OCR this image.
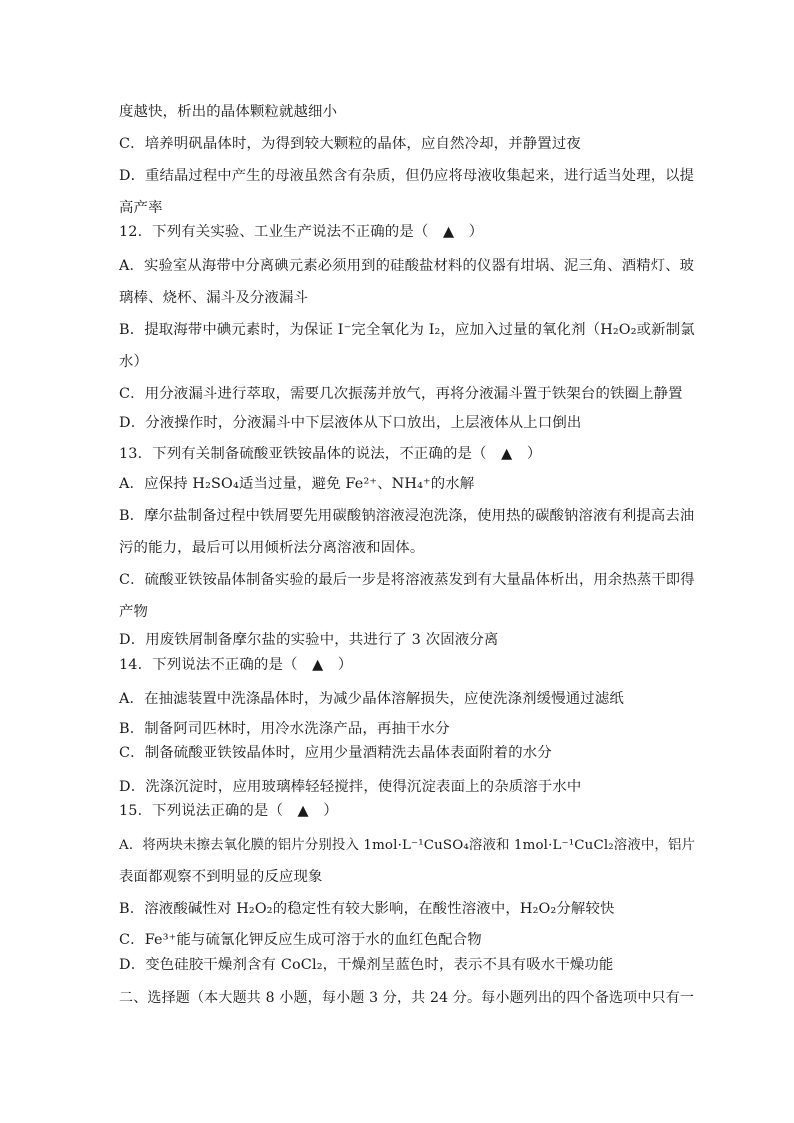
度越快，析出的晶体颗粒就越细小
C．培养明矾晶体时，为得到较大颗粒的晶体，应自然冷却，并静置过夜
D．重结晶过程中产生的母液虽然含有杂质，但仍应将母液收集起来，进行适当处理，以提
高产率
12．下列有关实验、工业生产说法不正确的是（　▲　）
A．实验室从海带中分离碘元素必须用到的硅酸盐材料的仪器有坩埚、泥三角、酒精灯、玻
璃棒、烧杯、漏斗及分液漏斗
B．提取海带中碘元素时，为保证 I⁻完全氧化为 I₂，应加入过量的氧化剂（H₂O₂或新制氯
水）
C．用分液漏斗进行萃取，需要几次振荡并放气，再将分液漏斗置于铁架台的铁圈上静置
D．分液操作时，分液漏斗中下层液体从下口放出，上层液体从上口倒出
13．下列有关制备硫酸亚铁铵晶体的说法，不正确的是（　▲　）
A．应保持 H₂SO₄适当过量，避免 Fe²⁺、NH₄⁺的水解
B．摩尔盐制备过程中铁屑要先用碳酸钠溶液浸泡洗涤，使用热的碳酸钠溶液有利提高去油
污的能力，最后可以用倾析法分离溶液和固体。
C．硫酸亚铁铵晶体制备实验的最后一步是将溶液蒸发到有大量晶体析出，用余热蒸干即得
产物
D．用废铁屑制备摩尔盐的实验中，共进行了 3 次固液分离
14．下列说法不正确的是（　▲　）
A．在抽滤装置中洗涤晶体时，为减少晶体溶解损失，应使洗涤剂缓慢通过滤纸
B．制备阿司匹林时，用冷水洗涤产品，再抽干水分
C．制备硫酸亚铁铵晶体时，应用少量酒精洗去晶体表面附着的水分
D．洗涤沉淀时，应用玻璃棒轻轻搅拌，使得沉淀表面上的杂质溶于水中
15．下列说法正确的是（　▲　）
A．将两块未擦去氧化膜的铝片分别投入 1mol·L⁻¹CuSO₄溶液和 1mol·L⁻¹CuCl₂溶液中，铝片
表面都观察不到明显的反应现象
B．溶液酸碱性对 H₂O₂的稳定性有较大影响，在酸性溶液中，H₂O₂分解较快
C．Fe³⁺能与硫氰化钾反应生成可溶于水的血红色配合物
D．变色硅胶干燥剂含有 CoCl₂，干燥剂呈蓝色时，表示不具有吸水干燥功能
二、选择题（本大题共 8 小题，每小题 3 分，共 24 分。每小题列出的四个备选项中只有一
